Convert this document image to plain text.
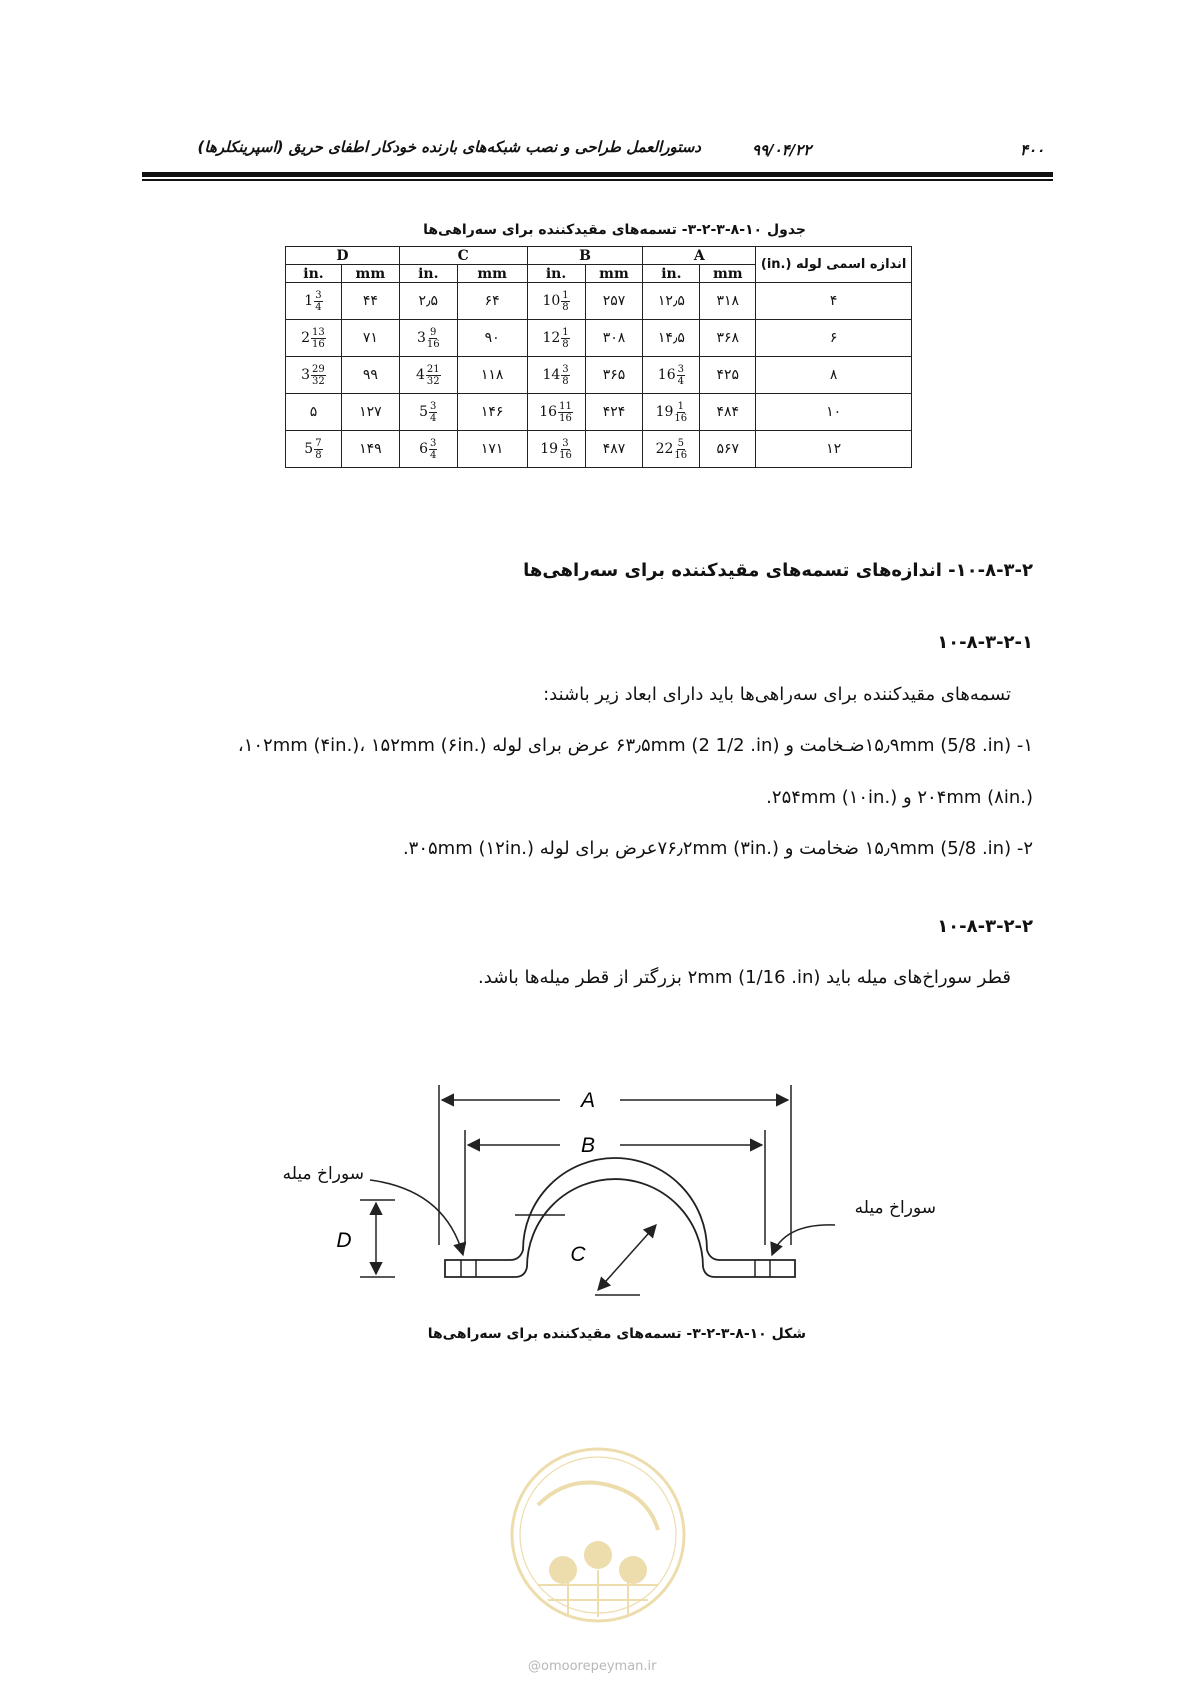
۴۰۰
۹۹/۰۴/۲۲
دستورالعمل طراحی و نصب شبکه‌های بارنده خودکار اطفای حریق (اسپرینکلرها)
جدول ۱۰-۸-۳-۲-۳- تسمه‌های مقیدکننده برای سه‌راهی‌ها
D		C		B		A		اندازه اسمی لوله (.in)
in.	mm	in.	mm	in.	mm	in.	mm	

$1 \frac{3}{4}$	۴۴	۲٫۵	۶۴	$10 \frac{1}{8}$	۲۵۷	۱۲٫۵	۳۱۸	۴

$2 \frac{13}{16}$	۷۱	$3 \frac{9}{16}$	۹۰	$12 \frac{1}{8}$	۳۰۸	۱۴٫۵	۳۶۸	۶

$3 \frac{29}{32}$	۹۹	$4 \frac{21}{32}$	۱۱۸	$14 \frac{3}{8}$	۳۶۵	$16 \frac{3}{4}$	۴۲۵	۸
۵	۱۲۷	$5 \frac{3}{4}$	۱۴۶	$16 \frac{11}{16}$	۴۲۴	$19 \frac{1}{16}$	۴۸۴	۱۰

$5 \frac{7}{8}$	۱۴۹	$6 \frac{3}{4}$	۱۷۱	$19 \frac{3}{16}$	۴۸۷	$22 \frac{5}{16}$	۵۶۷	۱۲
۱۰-۸-۳-۲- اندازه‌های تسمه‌های مقیدکننده برای سه‌راهی‌ها
۱۰-۸-۳-۲-۱
تسمه‌های مقیدکننده برای سه‌راهی‌ها باید دارای ابعاد زیر باشند:
۱- ۱۵٫۹mm (5/8 .in)ضـخامت و ۶۳٫۵mm (2 1/2 .in) عرض برای لوله ۱۰۲mm (۴in.)، ۱۵۲mm (۶in.)،
۲۰۴mm (۸in.) و ۲۵۴mm (۱۰in.).
۲- ۱۵٫۹mm (5/8 .in) ضخامت و ۷۶٫۲mm (۳in.)عرض برای لوله ۳۰۵mm (۱۲in.).
۱۰-۸-۳-۲-۲
قطر سوراخ‌های میله باید ۲mm (1/16 .in) بزرگتر از قطر میله‌ها باشد.
A
B
C
D
سوراخ میله
سوراخ میله
شکل ۱۰-۸-۳-۲-۳- تسمه‌های مقیدکننده برای سه‌راهی‌ها
@omoorepeyman.ir
